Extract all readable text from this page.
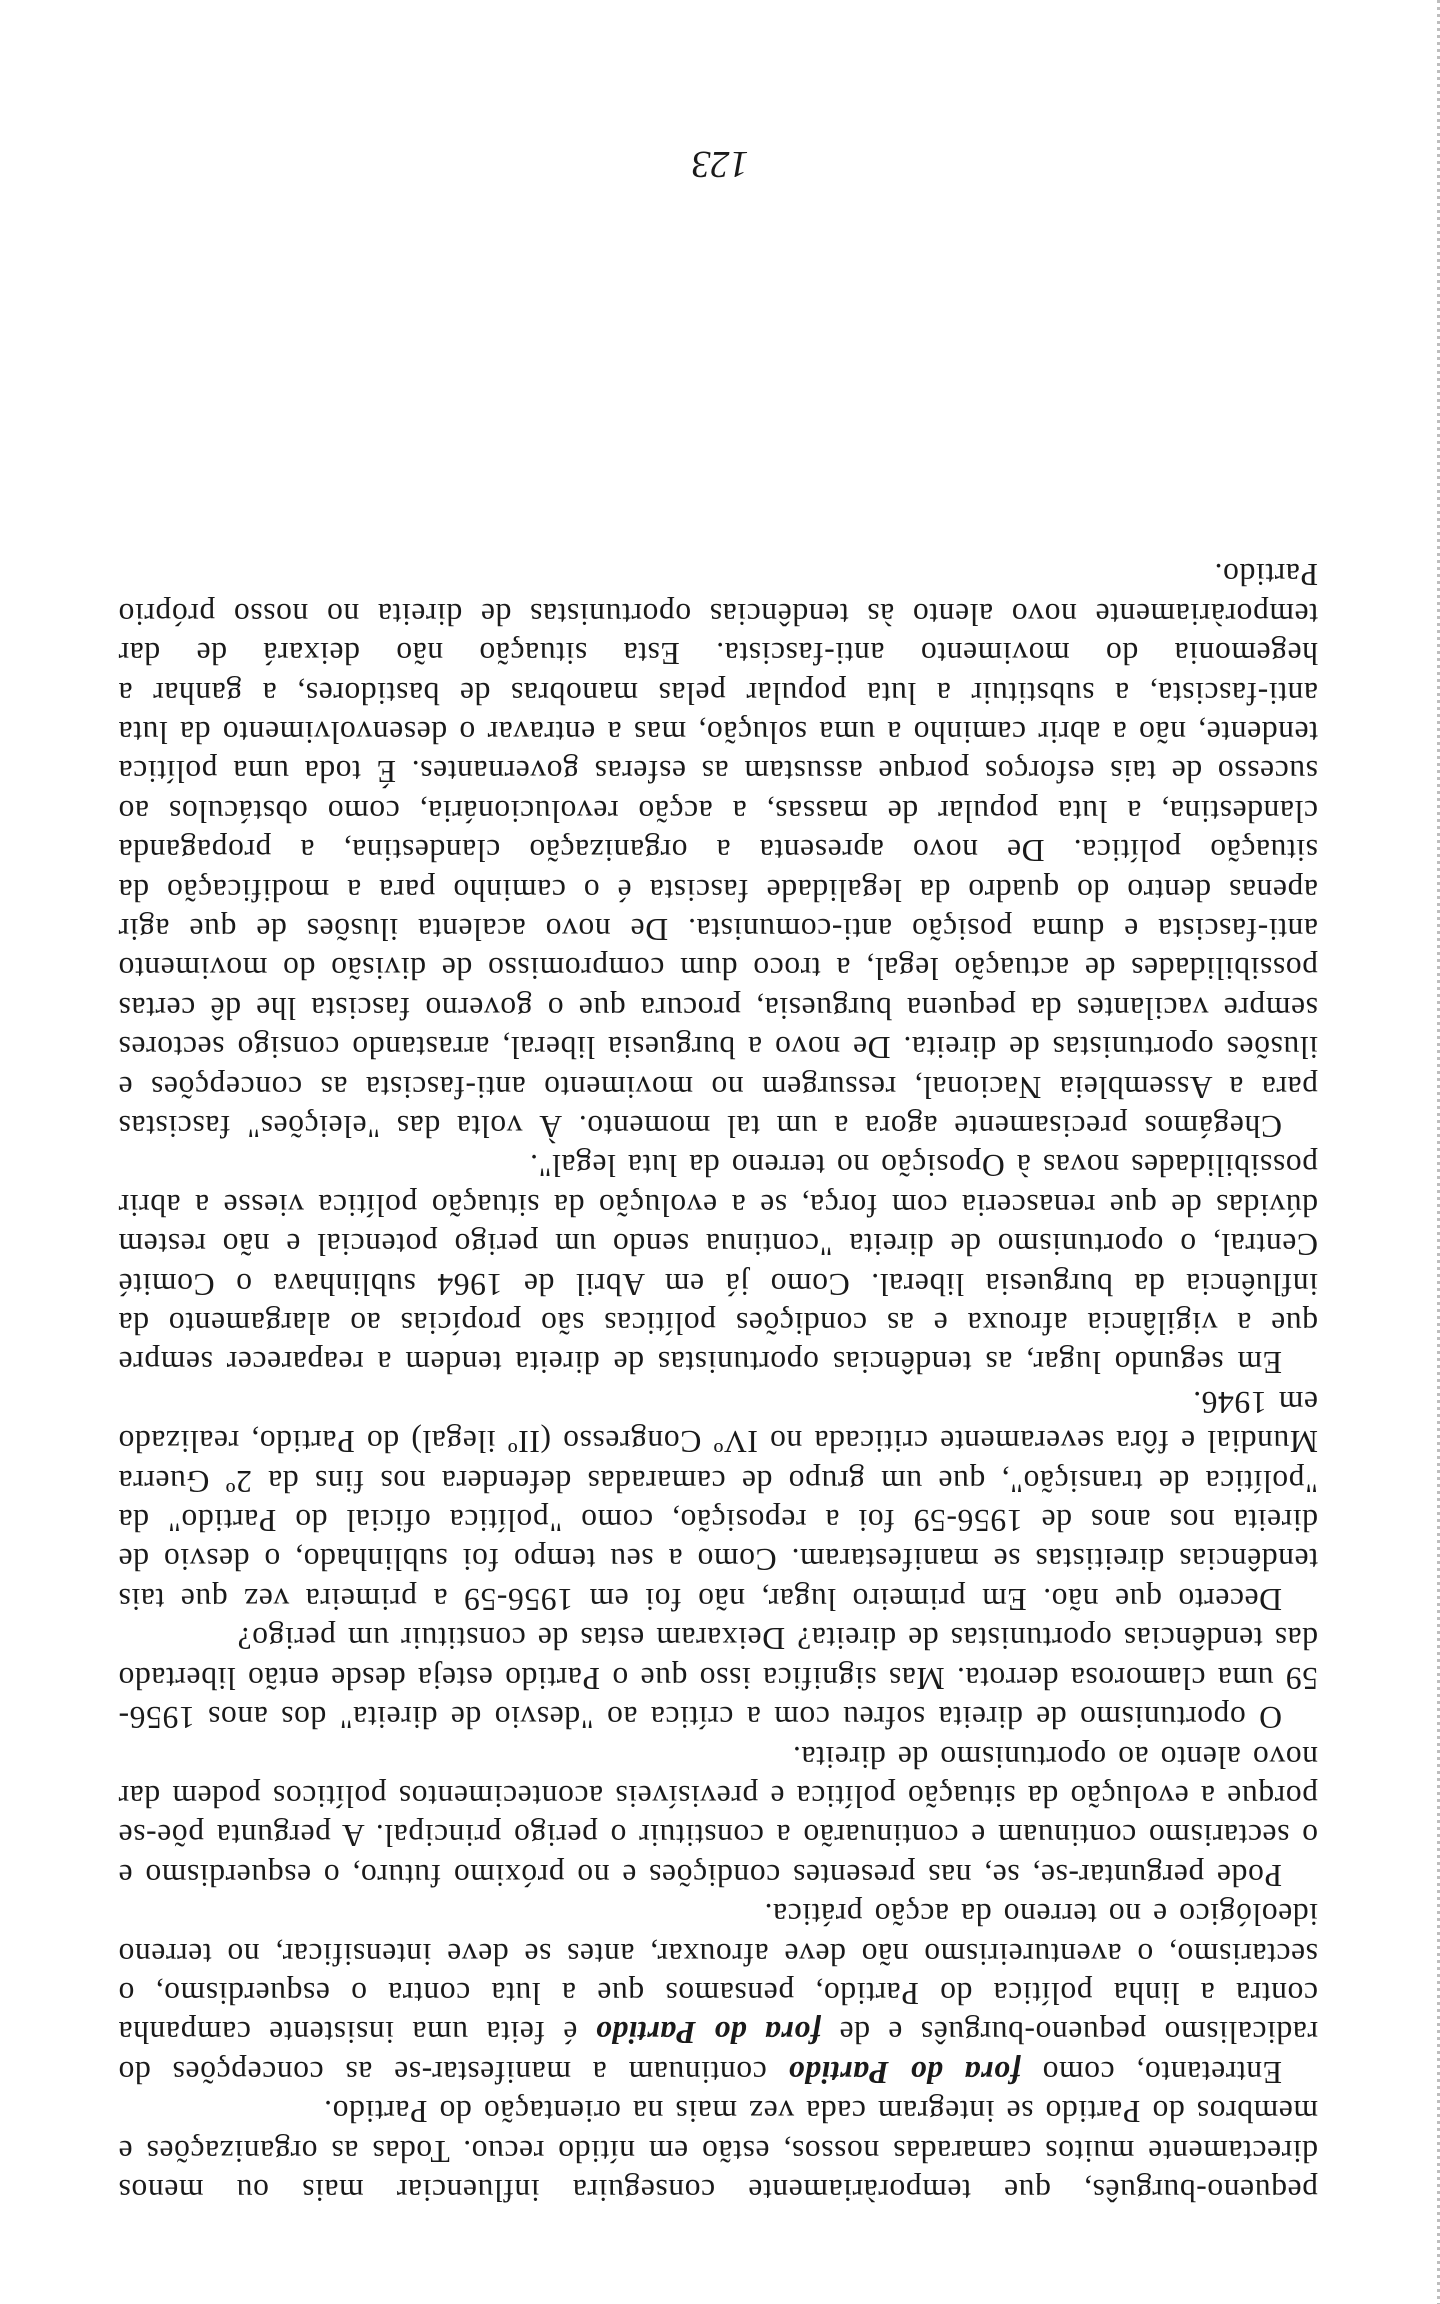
pequeno-burguês, que temporàriamente conseguira influenciar mais ou menos directamente muitos camaradas nossos, estão em nítido recuo. Todas as organizações e membros do Partido se integram cada vez mais na orientação do Partido.

Entretanto, como fora do Partido continuam a manifestar-se as concepções do radicalismo pequeno-burguês e de fora do Partido é feita uma insistente campanha contra a linha política do Partido, pensamos que a luta contra o esquerdismo, o sectarismo, o aventureirismo não deve afrouxar, antes se deve intensificar, no terreno ideológico e no terreno da acção prática.

Pode perguntar-se, se, nas presentes condições e no próximo futuro, o esquerdismo e o sectarismo continuam e continuarão a constituir o perigo principal. A pergunta põe-se porque a evolução da situação política e previsíveis acontecimentos políticos podem dar novo alento ao oportunismo de direita.

O oportunismo de direita sofreu com a crítica ao "desvio de direita" dos anos 1956-59 uma clamorosa derrota. Mas significa isso que o Partido esteja desde então libertado das tendências oportunistas de direita? Deixaram estas de constituir um perigo?

Decerto que não. Em primeiro lugar, não foi em 1956-59 a primeira vez que tais tendências direitistas se manifestaram. Como a seu tempo foi sublinhado, o desvio de direita nos anos de 1956-59 foi a reposição, como "política oficial do Partido" da "política de transição", que um grupo de camaradas defendera nos fins da 2º Guerra Mundial e fôra severamente criticada no IVº Congresso (IIº ilegal) do Partido, realizado em 1946.

Em segundo lugar, as tendências oportunistas de direita tendem a reaparecer sempre que a vigilância afrouxa e as condições políticas são propícias ao alargamento da influência da burguesia liberal. Como já em Abril de 1964 sublinhava o Comité Central, o oportunismo de direita "continua sendo um perigo potencial e não restem dúvidas de que renasceria com força, se a evolução da situação política viesse a abrir possibilidades novas à Oposição no terreno da luta legal".

Chegámos precisamente agora a um tal momento. À volta das "eleições" fascistas para a Assembleia Nacional, ressurgem no movimento anti-fascista as concepções e ilusões oportunistas de direita. De novo a burguesia liberal, arrastando consigo sectores sempre vacilantes da pequena burguesia, procura que o governo fascista lhe dê certas possibilidades de actuação legal, a troco dum compromisso de divisão do movimento anti-fascista e duma posição anti-comunista. De novo acalenta ilusões de que agir apenas dentro do quadro da legalidade fascista é o caminho para a modificação da situação política. De novo apresenta a organização clandestina, a propaganda clandestina, a luta popular de massas, a acção revolucionária, como obstáculos ao sucesso de tais esforços porque assustam as esferas governantes. É toda uma política tendente, não a abrir caminho a uma solução, mas a entravar o desenvolvimento da luta anti-fascista, a substituir a luta popular pelas manobras de bastidores, a ganhar a hegemonia do movimento anti-fascista. Esta situação não deixará de dar temporàriamente novo alento às tendências oportunistas de direita no nosso próprio Partido.

123
